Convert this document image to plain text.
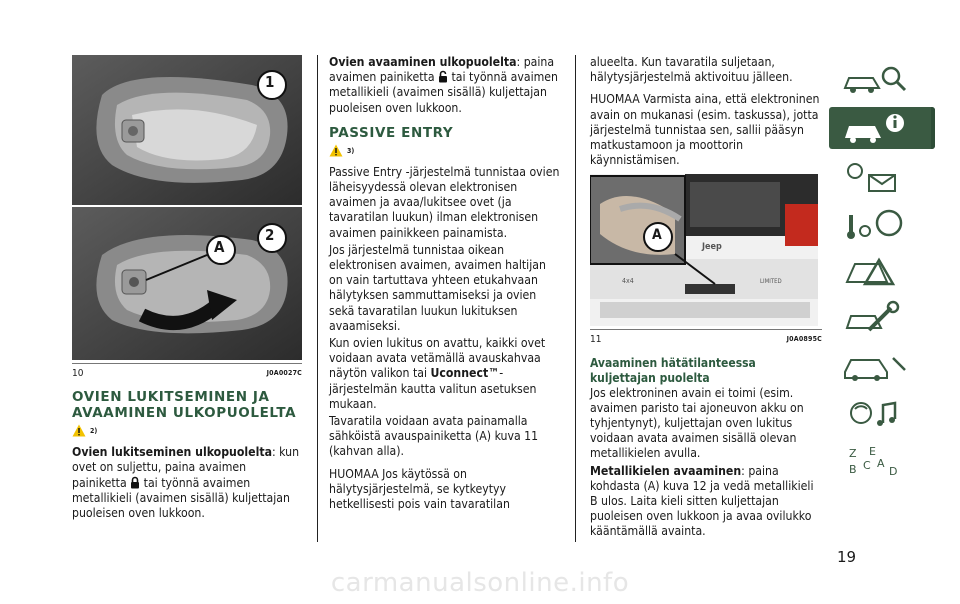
1
2
A
10	J0A0027C
OVIEN LUKITSEMINEN JA AVAAMINEN ULKOPUOLELTA
2)

Ovien lukitseminen ulkopuolelta: kun ovet on suljettu, paina avaimen painiketta tai työnnä avaimen metallikieli (avaimen sisällä) kuljettajan puoleisen oven lukkoon.

Ovien avaaminen ulkopuolelta: paina avaimen painiketta tai työnnä avaimen metallikieli (avaimen sisällä) kuljettajan puoleisen oven lukkoon.

PASSIVE ENTRY
3)

Passive Entry -järjestelmä tunnistaa ovien läheisyydessä olevan elektronisen avaimen ja avaa/lukitsee ovet (ja tavaratilan luukun) ilman elektronisen avaimen painikkeen painamista.

Jos järjestelmä tunnistaa oikean elektronisen avaimen, avaimen haltijan on vain tartuttava yhteen etukahvaan hälytyksen sammuttamiseksi ja ovien sekä tavaratilan luukun lukituksen avaamiseksi.

Kun ovien lukitus on avattu, kaikki ovet voidaan avata vetämällä avauskahvaa näytön valikon tai Uconnect™-järjestelmän kautta valitun asetuksen mukaan.

Tavaratila voidaan avata painamalla sähköistä avauspainiketta (A) kuva 11 (kahvan alla).

HUOMAA Jos käytössä on hälytysjärjestelmä, se kytkeytyy hetkellisesti pois vain tavaratilan

alueelta. Kun tavaratila suljetaan, hälytysjärjestelmä aktivoituu jälleen.

HUOMAA Varmista aina, että elektroninen avain on mukanasi (esim. taskussa), jotta järjestelmä tunnistaa sen, sallii pääsyn matkustamoon ja moottorin käynnistämisen.

A
Jeep
4x4	LIMITED
11	J0A0895C
Avaaminen hätätilanteessa kuljettajan puolelta

Jos elektroninen avain ei toimi (esim. avaimen paristo tai ajoneuvon akku on tyhjentynyt), kuljettajan oven lukitus voidaan avata avaimen sisällä olevan metallikielen avulla.

Metallikielen avaaminen: paina kohdasta (A) kuva 12 ja vedä metallikieli B ulos. Laita kieli sitten kuljettajan puoleisen oven lukkoon ja avaa ovilukko kääntämällä avainta.

Z E
B C A
D
19
carmanualsonline.info
